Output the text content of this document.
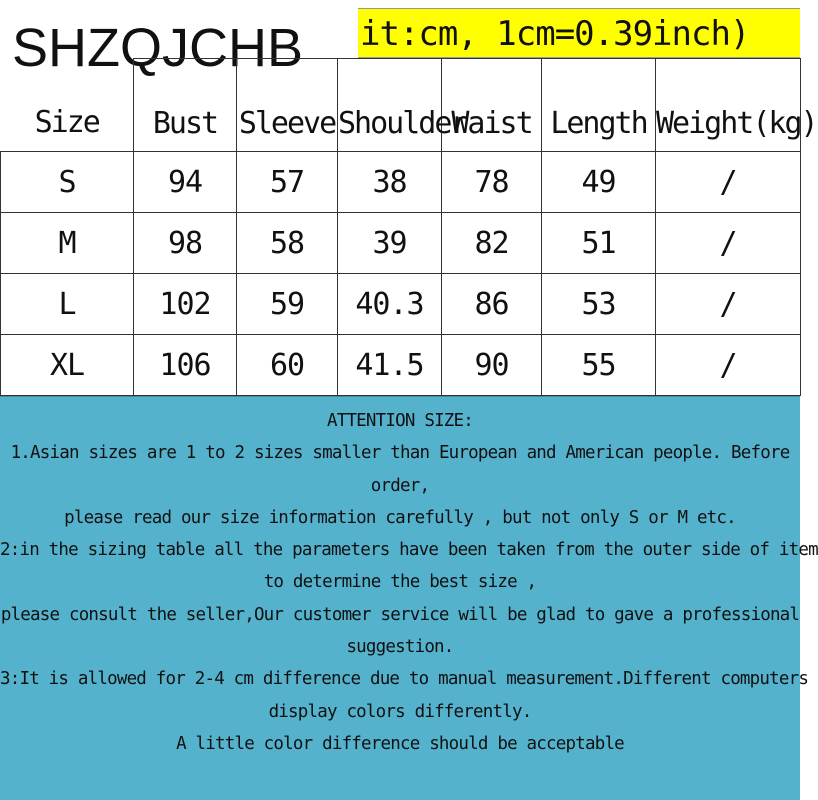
SHZQJCHB	it:cm, 1cm=0.39inch)
Size	Bust	Sleeve	Shoulder	Waist	Length	Weight(kg)
S	94	57	38	78	49	/
M	98	58	39	82	51	/
L	102	59	40.3	86	53	/
XL	106	60	41.5	90	55	/

ATTENTION SIZE:

1.Asian sizes are 1 to 2 sizes smaller than European and American people. Before

order,

please read our size information carefully , but not only S or M etc.

2:in the sizing table all the parameters have been taken from the outer side of item

to determine the best size ,

please consult the seller,Our customer service will be glad to gave a professional

suggestion.

3:It is allowed for 2-4 cm difference due to manual measurement.Different computers

display colors differently.

A little color difference should be acceptable
